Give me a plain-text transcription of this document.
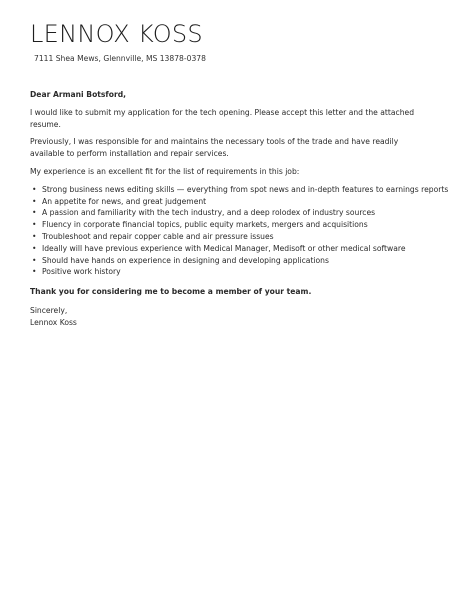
LENNOX KOSS
7111 Shea Mews, Glennville, MS 13878-0378

Dear Armani Botsford,

I would like to submit my application for the tech opening. Please accept this letter and the attached resume.

Previously, I was responsible for and maintains the necessary tools of the trade and have readily available to perform installation and repair services.

My experience is an excellent fit for the list of requirements in this job:

• Strong business news editing skills — everything from spot news and in-depth features to earnings reports
• An appetite for news, and great judgement
• A passion and familiarity with the tech industry, and a deep rolodex of industry sources
• Fluency in corporate financial topics, public equity markets, mergers and acquisitions
• Troubleshoot and repair copper cable and air pressure issues
• Ideally will have previous experience with Medical Manager, Medisoft or other medical software
• Should have hands on experience in designing and developing applications
• Positive work history

Thank you for considering me to become a member of your team.

Sincerely,

Lennox Koss
